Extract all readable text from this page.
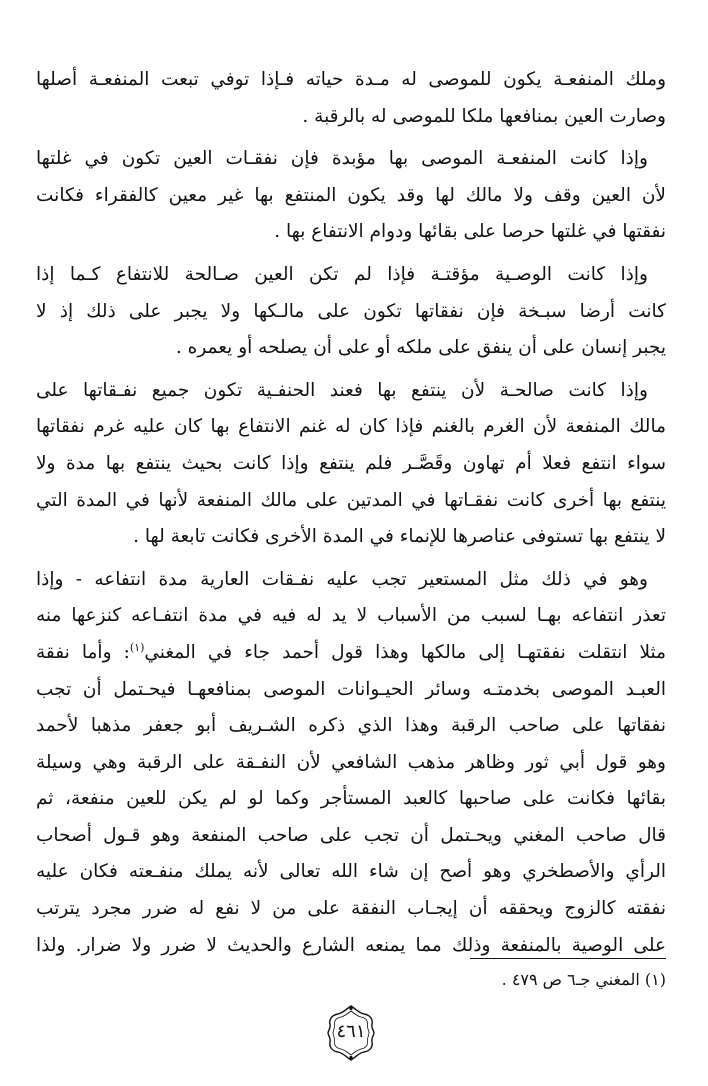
وملك المنفعـة يكون للموصى له مـدة حياته فـإذا توفي تبعت المنفعـة أصلها
وصارت العين بمنافعها ملكا للموصى له بالرقبة .
وإذا كانت المنفعـة الموصى بها مؤبدة فإن نفقـات العين تكون في غلتها
لأن العين وقف ولا مالك لها وقد يكون المنتفع بها غير معين كالفقراء فكانت
نفقتها في غلتها حرصا على بقائها ودوام الانتفاع بها .
وإذا كانت الوصـية مؤقتـة فإذا لم تكن العين صـالحة للانتفاع كـما إذا
كانت أرضا سبـخة فإن نفقاتها تكون على مالـكها ولا يجبر على ذلك إذ لا
يجبر إنسان على أن ينفق على ملكه أو على أن يصلحه أو يعمره .
وإذا كانت صالحـة لأن ينتفع بها فعند الحنفـية تكون جميع نفـقاتها على
مالك المنفعة لأن الغرم بالغنم فإذا كان له غنم الانتفاع بها كان عليه غرم نفقاتها
سواء انتفع فعلا أم تهاون وقَصَّـر فلم ينتفع وإذا كانت بحيث ينتفع بها مدة ولا
ينتفع بها أخرى كانت نفقـاتها في المدتين على مالك المنفعة لأنها في المدة التي
لا ينتفع بها تستوفى عناصرها للإنماء في المدة الأخرى فكانت تابعة لها .
وهو في ذلك مثل المستعير تجب عليه نفـقات العارية مدة انتفاعه - وإذا
تعذر انتفاعه بهـا لسبب من الأسباب لا يد له فيه في مدة انتفـاعه كنزعها منه
مثلا انتقلت نفقتهـا إلى مالكها وهذا قول أحمد جاء في المغني$^{(١)}$: وأما نفقة
العبـد الموصى بخدمتـه وسائر الحيـوانات الموصى بمنافعهـا فيحـتمل أن تجب
نفقاتها على صاحب الرقبة وهذا الذي ذكره الشـريف أبو جعفر مذهبا لأحمد
وهو قول أبي ثور وظاهر مذهب الشافعي لأن النفـقة على الرقبة وهي وسيلة
بقائها فكانت على صاحبها كالعبد المستأجر وكما لو لم يكن للعين منفعة، ثم
قال صاحب المغني ويحـتمل أن تجب على صاحب المنفعة وهو قـول أصحاب
الرأي والأصطخري وهو أصح إن شاء الله تعالى لأنه يملك منفـعته فكان عليه
نفقته كالزوج ويحققه أن إيجـاب النفقة على من لا نفع له ضرر مجرد يترتب
على الوصية بالمنفعة وذلك مما يمنعه الشارع والحديث لا ضرر ولا ضرار. ولذا
(١) المغني جـ٦ ص ٤٧٩ .
٤٦١
